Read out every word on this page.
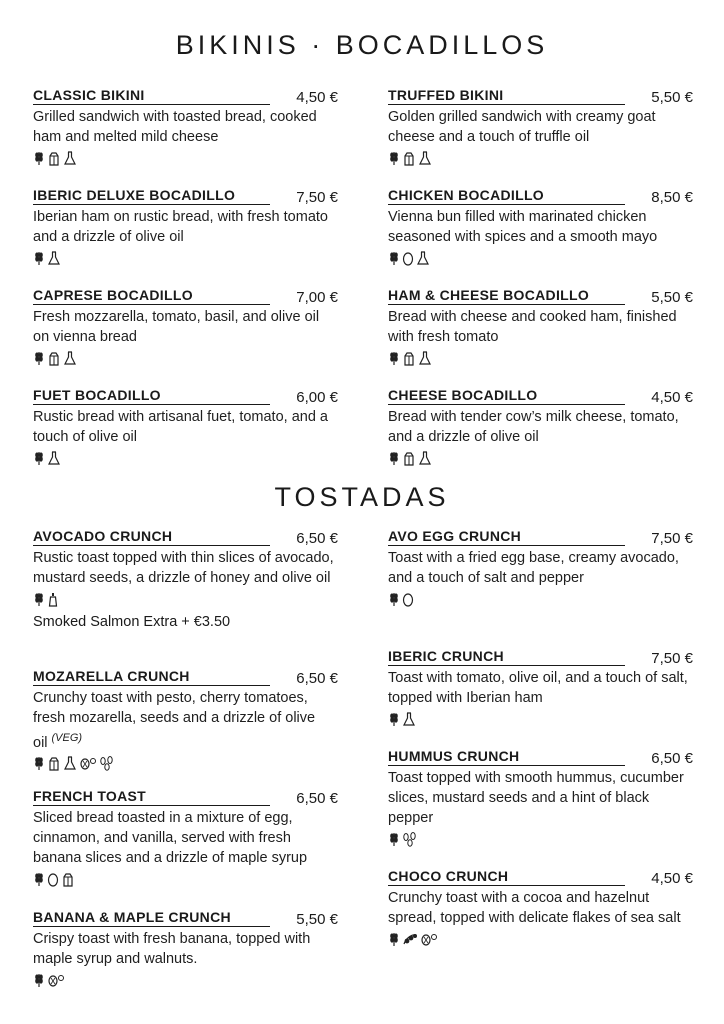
BIKINIS · BOCADILLOS
TOSTADAS
CLASSIC BIKINI	4,50 €
Grilled sandwich with toasted bread, cooked ham and melted mild cheese
TRUFFED BIKINI	5,50 €
Golden grilled sandwich with creamy goat cheese and a touch of truffle oil
IBERIC DELUXE BOCADILLO	7,50 €
Iberian ham on rustic bread, with fresh tomato and a drizzle of olive oil
CHICKEN BOCADILLO	8,50 €
Vienna bun filled with marinated chicken seasoned with spices and a smooth mayo
CAPRESE BOCADILLO	7,00 €
Fresh mozzarella, tomato, basil, and olive oil on vienna bread
HAM & CHEESE BOCADILLO	5,50 €
Bread with cheese and cooked ham, finished with fresh tomato
FUET BOCADILLO	6,00 €
Rustic bread with artisanal fuet, tomato, and a touch of olive oil
CHEESE BOCADILLO	4,50 €
Bread with tender cow’s milk cheese, tomato, and a drizzle of olive oil
AVOCADO CRUNCH	6,50 €
Rustic toast topped with thin slices of avocado, mustard seeds, a drizzle of honey and olive oil
Smoked Salmon Extra + €3.50
AVO EGG CRUNCH	7,50 €
Toast with a fried egg base, creamy avocado, and a touch of salt and pepper
MOZARELLA CRUNCH	6,50 €
Crunchy toast with pesto, cherry tomatoes, fresh mozarella, seeds and a drizzle of olive oil $^{(VEG)}$
IBERIC CRUNCH	7,50 €
Toast with tomato, olive oil, and a touch of salt, topped with Iberian ham
HUMMUS CRUNCH	6,50 €
Toast topped with smooth hummus, cucumber slices, mustard seeds and a hint of black pepper
FRENCH TOAST	6,50 €
Sliced bread toasted in a mixture of egg, cinnamon, and vanilla, served with fresh banana slices and a drizzle of maple syrup
CHOCO CRUNCH	4,50 €
Crunchy toast with a cocoa and hazelnut spread, topped with delicate flakes of sea salt
BANANA & MAPLE CRUNCH	5,50 €
Crispy toast with fresh banana, topped with maple syrup and walnuts.
